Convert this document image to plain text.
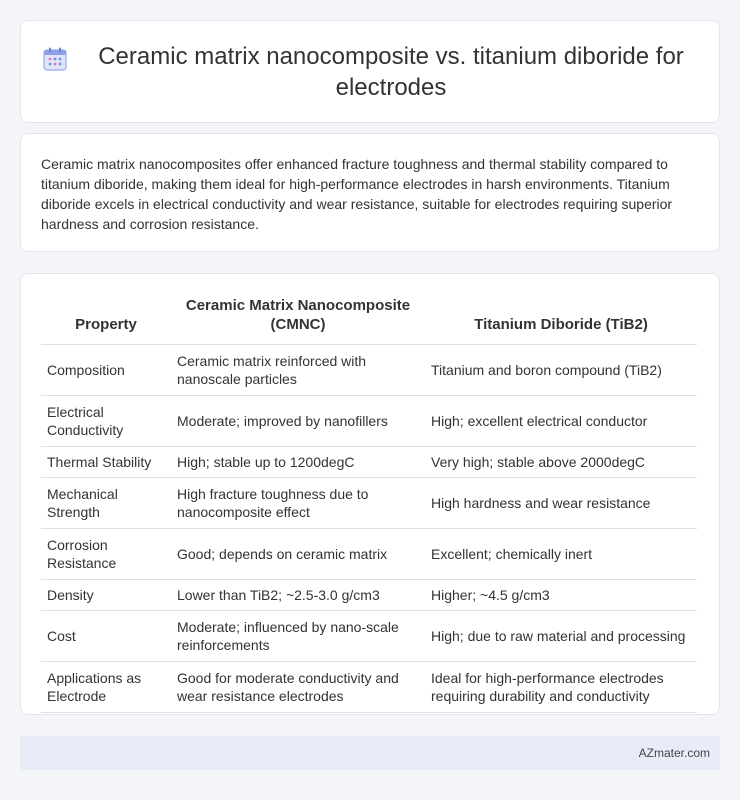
Ceramic matrix nanocomposite vs. titanium diboride for electrodes

Ceramic matrix nanocomposites offer enhanced fracture toughness and thermal stability compared to titanium diboride, making them ideal for high-performance electrodes in harsh environments. Titanium diboride excels in electrical conductivity and wear resistance, suitable for electrodes requiring superior hardness and corrosion resistance.

Property	Ceramic Matrix Nanocomposite (CMNC)	Titanium Diboride (TiB2)
Composition	Ceramic matrix reinforced with nanoscale particles	Titanium and boron compound (TiB2)
Electrical Conductivity	Moderate; improved by nanofillers	High; excellent electrical conductor
Thermal Stability	High; stable up to 1200degC	Very high; stable above 2000degC
Mechanical Strength	High fracture toughness due to nanocomposite effect	High hardness and wear resistance
Corrosion Resistance	Good; depends on ceramic matrix	Excellent; chemically inert
Density	Lower than TiB2; ~2.5-3.0 g/cm3	Higher; ~4.5 g/cm3
Cost	Moderate; influenced by nano-scale reinforcements	High; due to raw material and processing
Applications as Electrode	Good for moderate conductivity and wear resistance electrodes	Ideal for high-performance electrodes requiring durability and conductivity
AZmater.com
